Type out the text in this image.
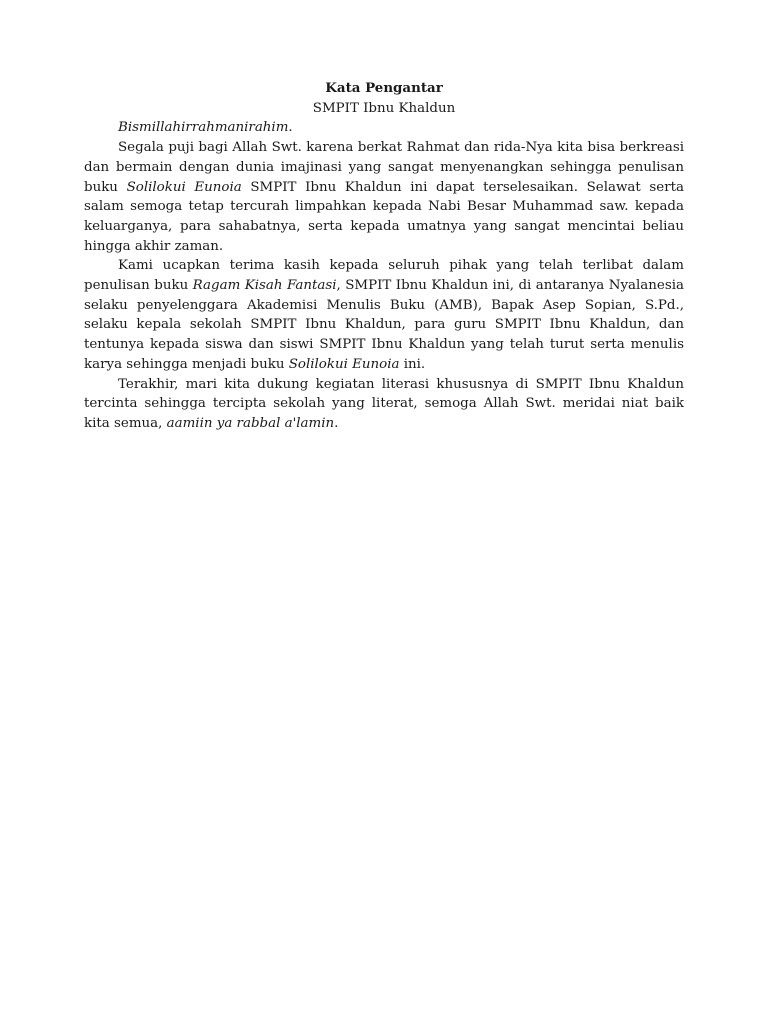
Kata Pengantar
SMPIT Ibnu Khaldun

Bismillahirrahmanirahim.

Segala puji bagi Allah Swt. karena berkat Rahmat dan rida-Nya kita bisa berkreasi dan bermain dengan dunia imajinasi yang sangat menyenangkan sehingga penulisan buku Solilokui Eunoia SMPIT Ibnu Khaldun ini dapat terselesaikan. Selawat serta salam semoga tetap tercurah limpahkan kepada Nabi Besar Muhammad saw. kepada keluarganya, para sahabatnya, serta kepada umatnya yang sangat mencintai beliau hingga akhir zaman.

Kami ucapkan terima kasih kepada seluruh pihak yang telah terlibat dalam penulisan buku Ragam Kisah Fantasi, SMPIT Ibnu Khaldun ini, di antaranya Nyalanesia selaku penyelenggara Akademisi Menulis Buku (AMB), Bapak Asep Sopian, S.Pd., selaku kepala sekolah SMPIT Ibnu Khaldun, para guru SMPIT Ibnu Khaldun, dan tentunya kepada siswa dan siswi SMPIT Ibnu Khaldun yang telah turut serta menulis karya sehingga menjadi buku Solilokui Eunoia ini.

Terakhir, mari kita dukung kegiatan literasi khususnya di SMPIT Ibnu Khaldun tercinta sehingga tercipta sekolah yang literat, semoga Allah Swt. meridai niat baik kita semua, aamiin ya rabbal a'lamin.
